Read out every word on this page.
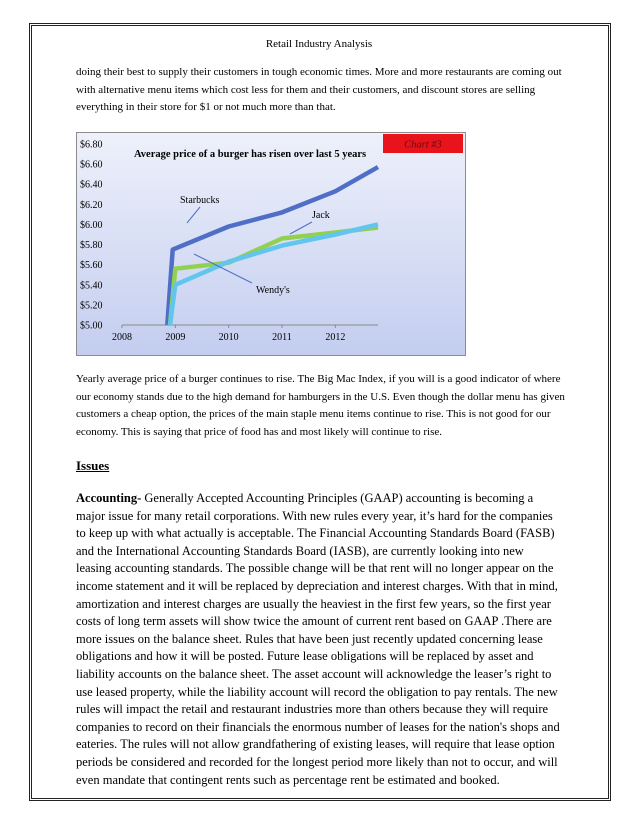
Retail Industry Analysis

doing their best to supply their customers in tough economic times. More and more restaurants are coming out with alternative menu items which cost less for them and their customers, and discount stores are selling everything in their store for $1 or not much more than that.

$5.00
$5.20
$5.40
$5.60
$5.80
$6.00
$6.20
$6.40
$6.60
$6.80
2008	2009	2010	2011	2012
Average price of a burger has risen over last 5 years
Chart #3
Starbucks
Jack
Wendy's

Yearly average price of a burger continues to rise. The Big Mac Index, if you will is a good indicator of where our economy stands due to the high demand for hamburgers in the U.S. Even though the dollar menu has given customers a cheap option, the prices of the main staple menu items continue to rise. This is not good for our economy. This is saying that price of food has and most likely will continue to rise.

Issues

Accounting- Generally Accepted Accounting Principles (GAAP) accounting is becoming a major issue for many retail corporations. With new rules every year, it’s hard for the companies to keep up with what actually is acceptable. The Financial Accounting Standards Board (FASB) and the International Accounting Standards Board (IASB), are currently looking into new leasing accounting standards. The possible change will be that rent will no longer appear on the income statement and it will be replaced by depreciation and interest charges. With that in mind, amortization and interest charges are usually the heaviest in the first few years, so the first year costs of long term assets will show twice the amount of current rent based on GAAP .There are more issues on the balance sheet. Rules that have been just recently updated concerning lease obligations and how it will be posted. Future lease obligations will be replaced by asset and liability accounts on the balance sheet. The asset account will acknowledge the leaser’s right to use leased property, while the liability account will record the obligation to pay rentals. The new rules will impact the retail and restaurant industries more than others because they will require companies to record on their financials the enormous number of leases for the nation's shops and eateries. The rules will not allow grandfathering of existing leases, will require that lease option periods be considered and recorded for the longest period more likely than not to occur, and will even mandate that contingent rents such as percentage rent be estimated and booked.
